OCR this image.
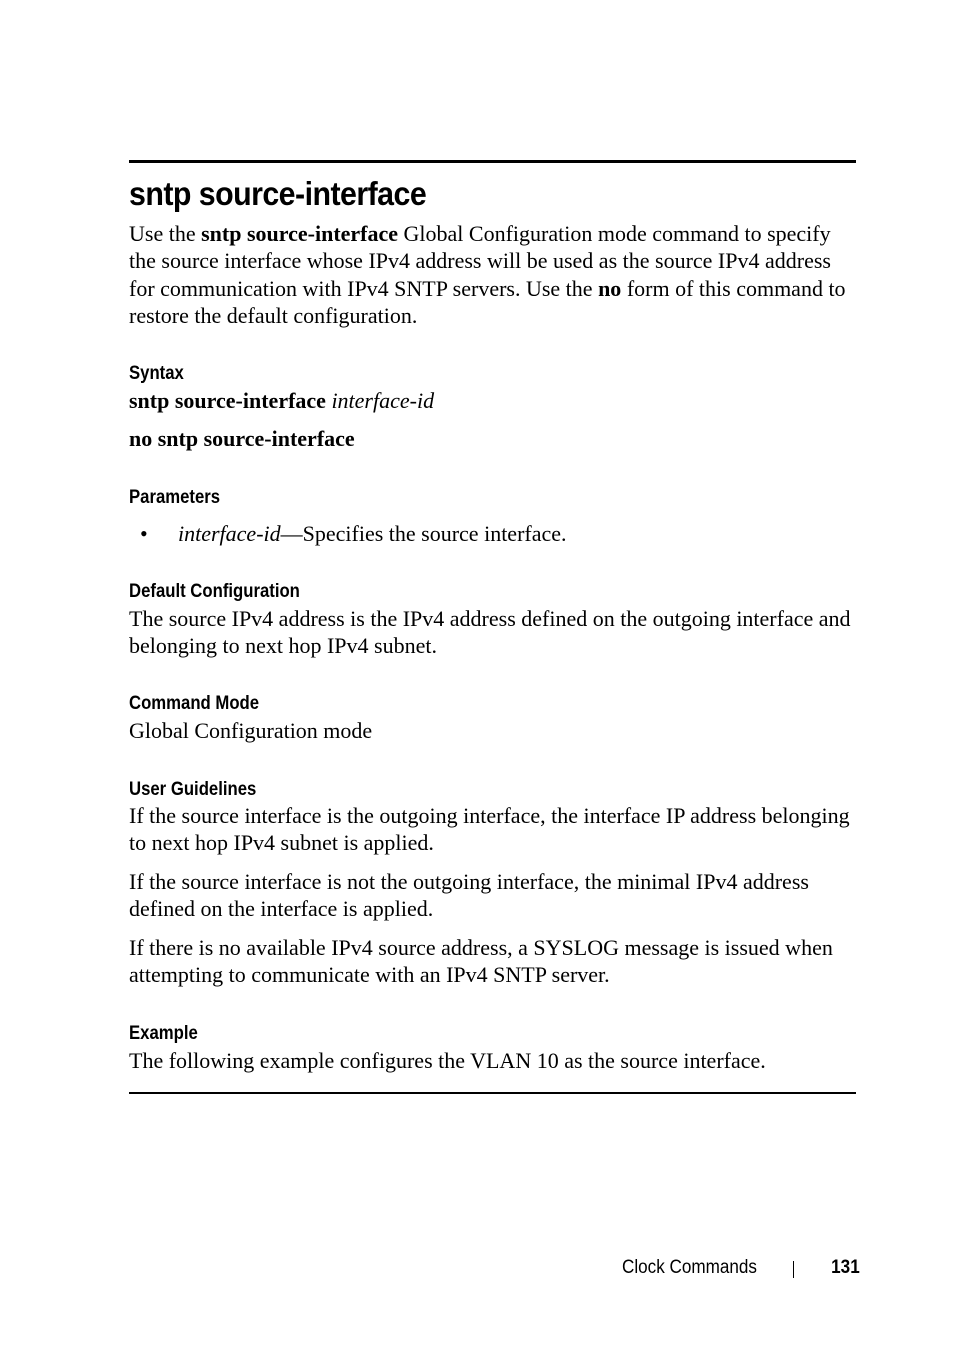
sntp source-interface

Use the sntp source-interface Global Configuration mode command to specify the source interface whose IPv4 address will be used as the source IPv4 address for communication with IPv4 SNTP servers. Use the no form of this command to restore the default configuration.

Syntax

sntp source-interface interface-id

no sntp source-interface

Parameters
• interface-id—Specifies the source interface.
Default Configuration

The source IPv4 address is the IPv4 address defined on the outgoing interface and belonging to next hop IPv4 subnet.

Command Mode

Global Configuration mode

User Guidelines

If the source interface is the outgoing interface, the interface IP address belonging to next hop IPv4 subnet is applied.

If the source interface is not the outgoing interface, the minimal IPv4 address defined on the interface is applied.

If there is no available IPv4 source address, a SYSLOG message is issued when attempting to communicate with an IPv4 SNTP server.

Example

The following example configures the VLAN 10 as the source interface.

Clock Commands	131
